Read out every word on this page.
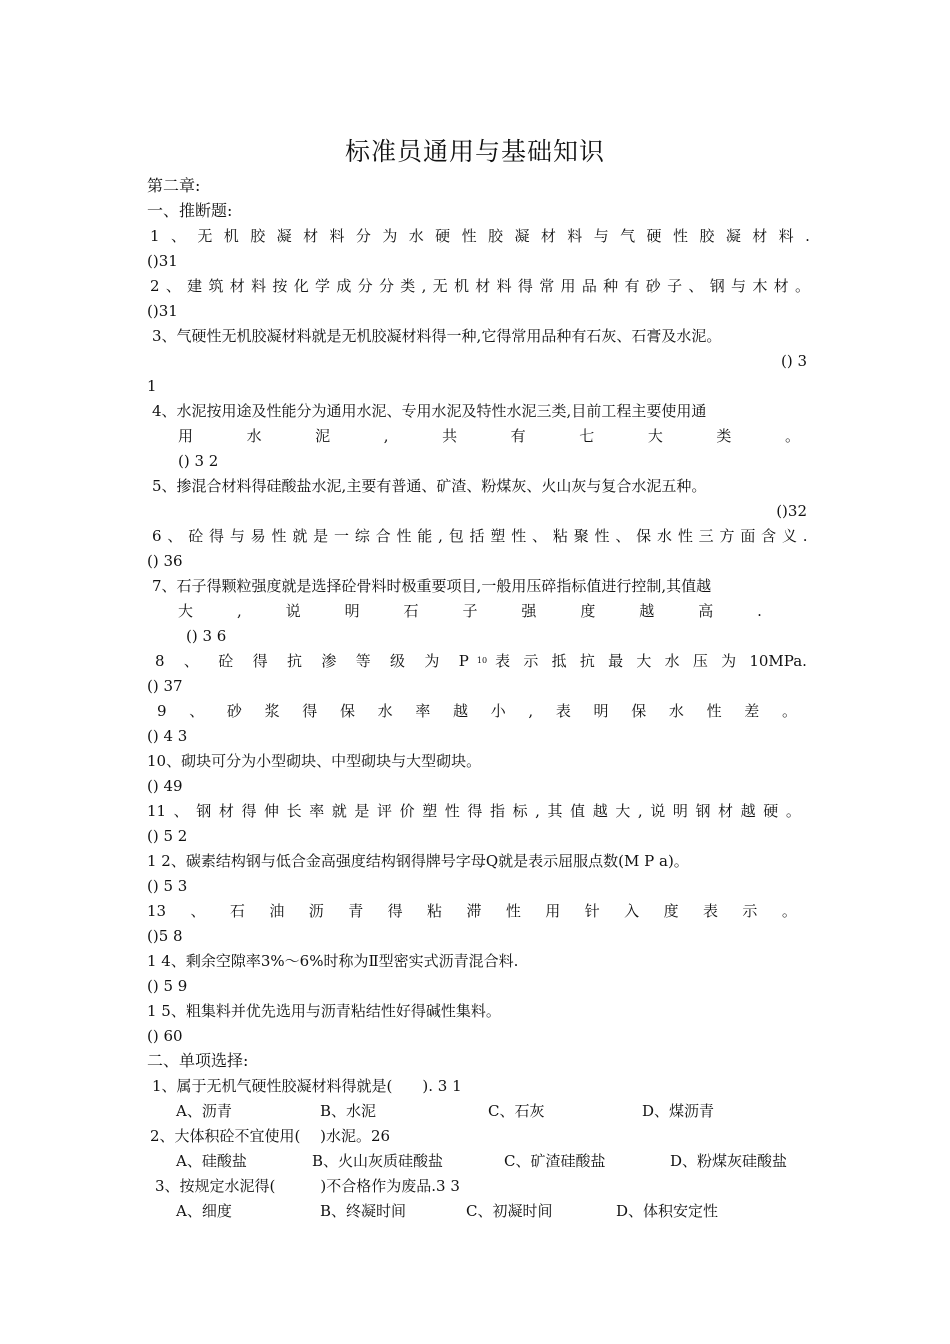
标准员通用与基础知识
第二章:
一、推断题:
1 、 无 机 胶 凝 材 料 分 为 水 硬 性 胶 凝 材 料 与 气 硬 性 胶 凝 材 料 .
()31
2 、 建 筑 材 料 按 化 学 成 分 分 类 , 无 机 材 料 得 常 用 品 种 有 砂 子 、 钢 与 木 材 。
()31
3、气硬性无机胶凝材料就是无机胶凝材料得一种,它得常用品种有石灰、石膏及水泥。
() 3
1
4、水泥按用途及性能分为通用水泥、专用水泥及特性水泥三类,目前工程主要使用通
用	水	泥	,	共	有	七	大	类	。
() 3 2
5、掺混合材料得硅酸盐水泥,主要有普通、矿渣、粉煤灰、火山灰与复合水泥五种。
()32
6 、 砼 得 与 易 性 就 是 一 综 合 性 能 , 包 括 塑 性 、 粘 聚 性 、 保 水 性 三 方 面 含 义 .
() 36
7、石子得颗粒强度就是选择砼骨料时极重要项目,一般用压碎指标值进行控制,其值越
大	,	说	明	石	子	强	度	越	高	.
() 3 6
8 、 砼 得 抗 渗 等 级 为 P 10 表 示 抵 抗 最 大 水 压 为 10MPa.
() 37
9 、 砂 浆 得 保 水 率 越 小 , 表 明 保 水 性 差 。
() 4 3
10、砌块可分为小型砌块、中型砌块与大型砌块。
() 49
11 、 钢 材 得 伸 长 率 就 是 评 价 塑 性 得 指 标 , 其 值 越 大 , 说 明 钢 材 越 硬 。
() 5 2
1 2、碳素结构钢与低合金高强度结构钢得牌号字母Q就是表示屈服点数(M P a)。
() 5 3
13 、 石 油 沥 青 得 粘 滞 性 用 针 入 度 表 示 。
()5 8
1 4、剩余空隙率3%～6%时称为Ⅱ型密实式沥青混合料.
() 5 9
1 5、粗集料并优先选用与沥青粘结性好得碱性集料。
() 60
二、单项选择:
1、属于无机气硬性胶凝材料得就是(　　). 3 1
A、沥青	B、水泥	C、石灰	D、煤沥青
2、大体积砼不宜使用(　 )水泥。26
A、硅酸盐	B、火山灰质硅酸盐	C、矿渣硅酸盐	D、粉煤灰硅酸盐
3、按规定水泥得(　　　)不合格作为废品.3 3
A、细度	B、终凝时间	C、初凝时间	D、体积安定性
